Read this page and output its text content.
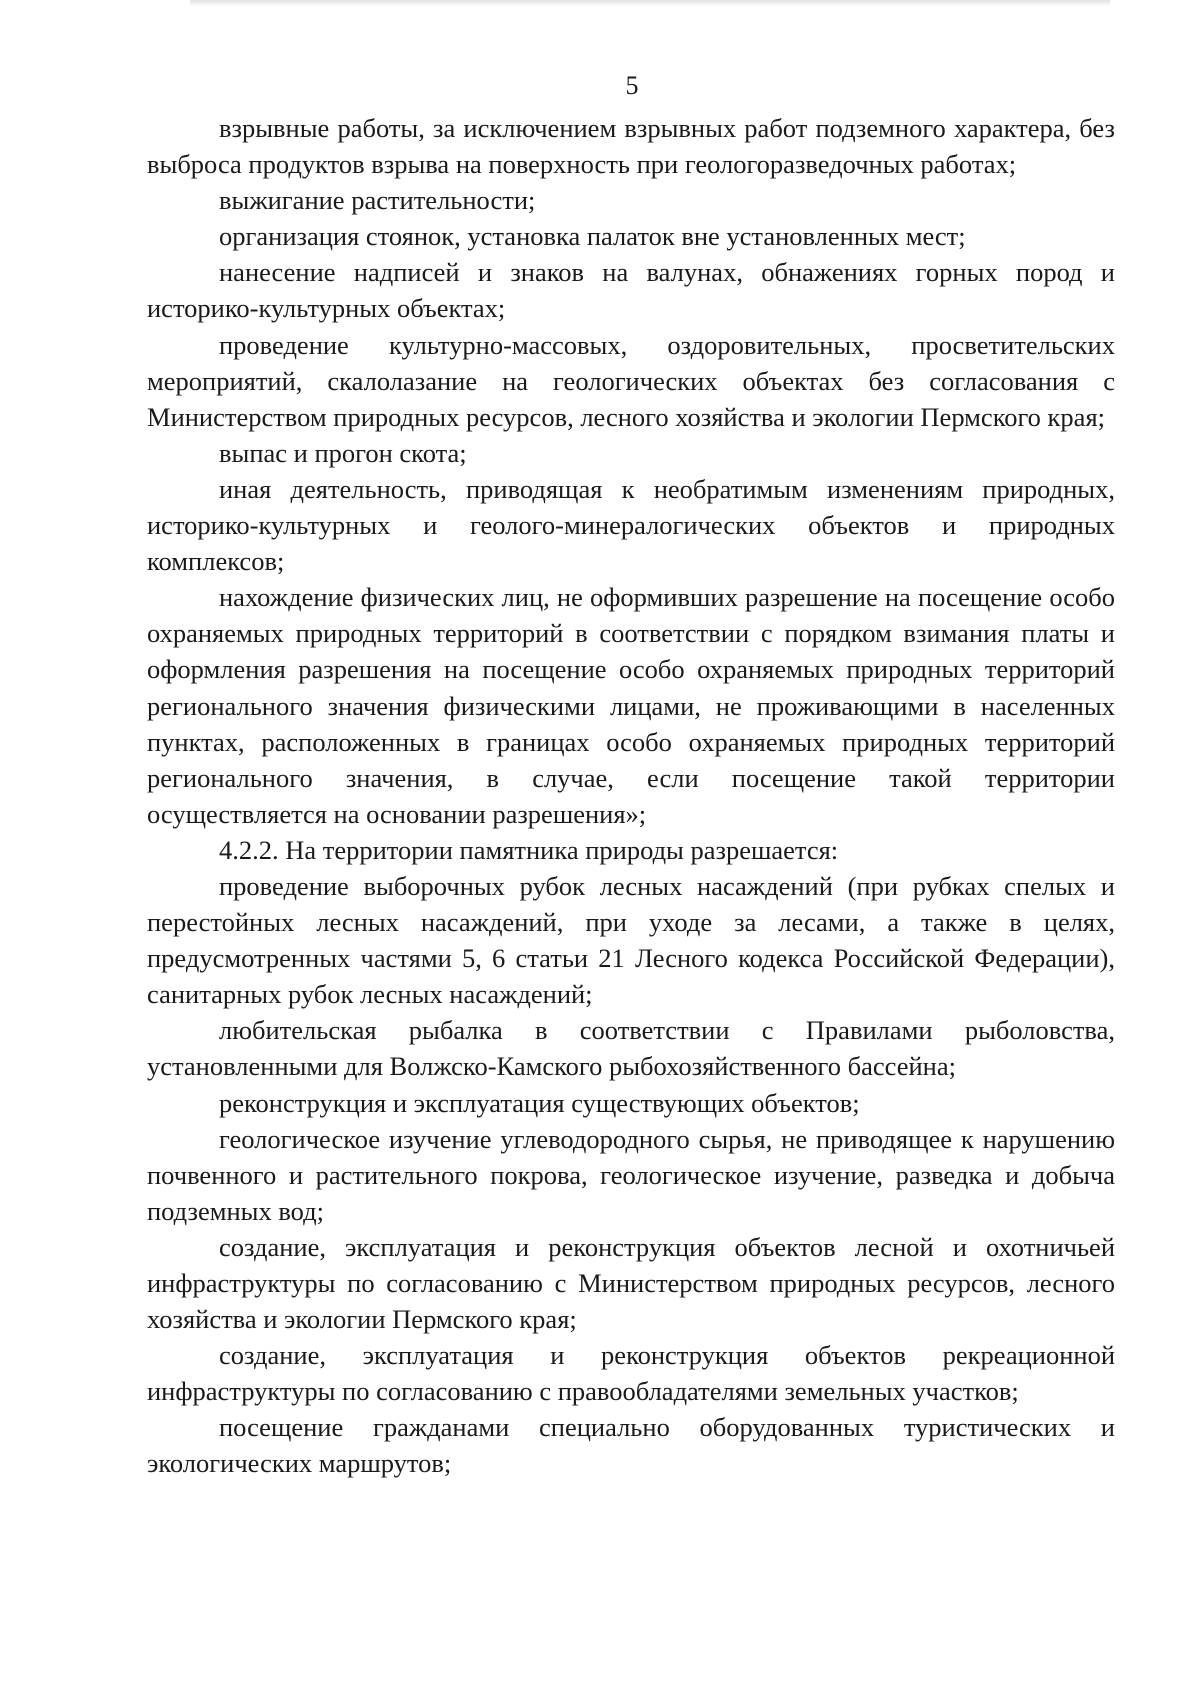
5

взрывные работы, за исключением взрывных работ подземного характера, без выброса продуктов взрыва на поверхность при геологоразведочных работах;

выжигание растительности;

организация стоянок, установка палаток вне установленных мест;

нанесение надписей и знаков на валунах, обнажениях горных пород и историко-культурных объектах;

проведение культурно-массовых, оздоровительных, просветительских мероприятий, скалолазание на геологических объектах без согласования с Министерством природных ресурсов, лесного хозяйства и экологии Пермского края;

выпас и прогон скота;

иная деятельность, приводящая к необратимым изменениям природных, историко-культурных и геолого-минералогических объектов и природных комплексов;

нахождение физических лиц, не оформивших разрешение на посещение особо охраняемых природных территорий в соответствии с порядком взимания платы и оформления разрешения на посещение особо охраняемых природных территорий регионального значения физическими лицами, не проживающими в населенных пунктах, расположенных в границах особо охраняемых природных территорий регионального значения, в случае, если посещение такой территории осуществляется на основании разрешения»;

4.2.2. На территории памятника природы разрешается:

проведение выборочных рубок лесных насаждений (при рубках спелых и перестойных лесных насаждений, при уходе за лесами, а также в целях, предусмотренных частями 5, 6 статьи 21 Лесного кодекса Российской Федерации), санитарных рубок лесных насаждений;

любительская рыбалка в соответствии с Правилами рыболовства, установленными для Волжско-Камского рыбохозяйственного бассейна;

реконструкция и эксплуатация существующих объектов;

геологическое изучение углеводородного сырья, не приводящее к нарушению почвенного и растительного покрова, геологическое изучение, разведка и добыча подземных вод;

создание, эксплуатация и реконструкция объектов лесной и охотничьей инфраструктуры по согласованию с Министерством природных ресурсов, лесного хозяйства и экологии Пермского края;

создание, эксплуатация и реконструкция объектов рекреационной инфраструктуры по согласованию с правообладателями земельных участков;

посещение гражданами специально оборудованных туристических и экологических маршрутов;
